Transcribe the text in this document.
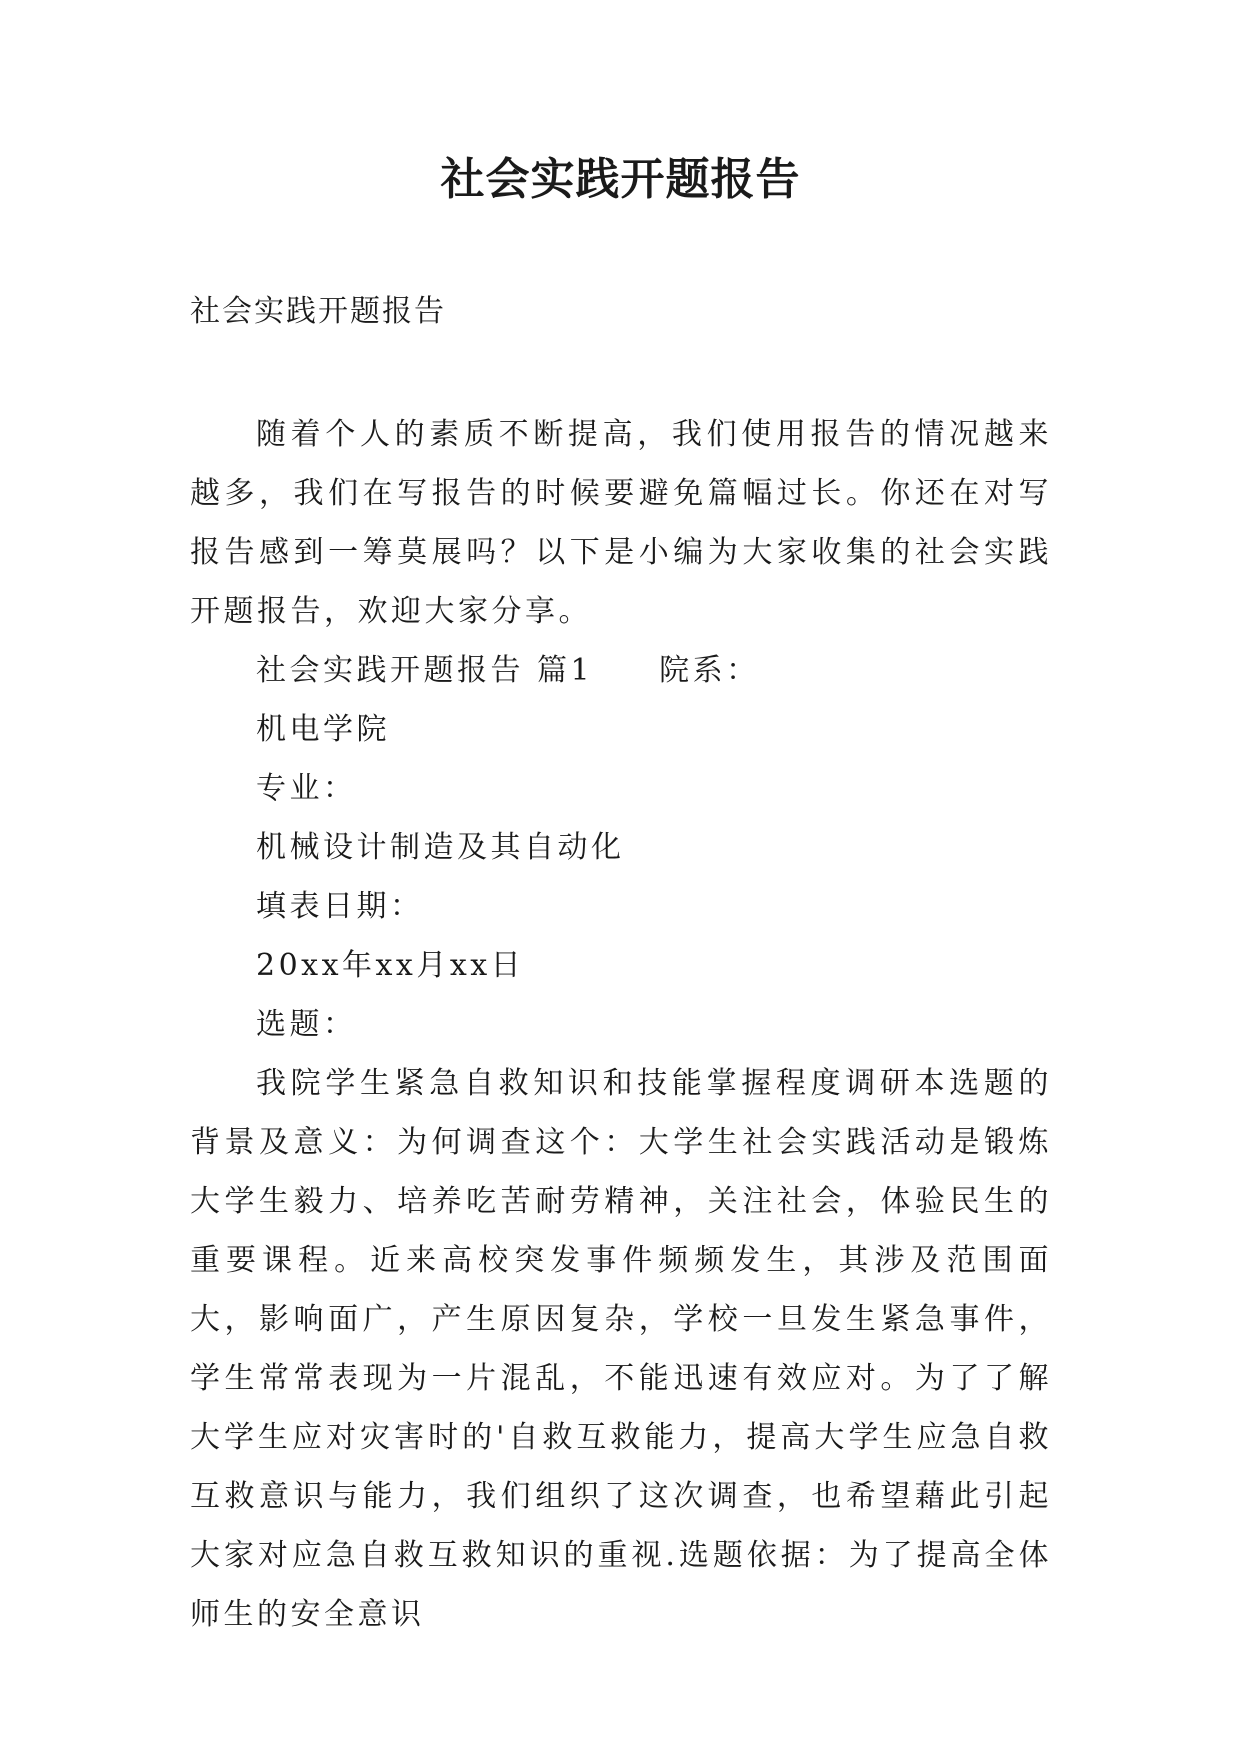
社会实践开题报告
社会实践开题报告

随着个人的素质不断提高，我们使用报告的情况越来越多，我们在写报告的时候要避免篇幅过长。你还在对写报告感到一筹莫展吗？以下是小编为大家收集的社会实践开题报告，欢迎大家分享。

社会实践开题报告 篇1 院系：

机电学院

专业：

机械设计制造及其自动化

填表日期：

20xx年xx月xx日

选题：

我院学生紧急自救知识和技能掌握程度调研本选题的背景及意义：为何调查这个：大学生社会实践活动是锻炼大学生毅力、培养吃苦耐劳精神，关注社会，体验民生的重要课程。近来高校突发事件频频发生，其涉及范围面大，影响面广，产生原因复杂，学校一旦发生紧急事件，学生常常表现为一片混乱，不能迅速有效应对。为了了解大学生应对灾害时的'自救互救能力，提高大学生应急自救互救意识与能力，我们组织了这次调查，也希望藉此引起大家对应急自救互救知识的重视.选题依据：为了提高全体师生的安全意识
